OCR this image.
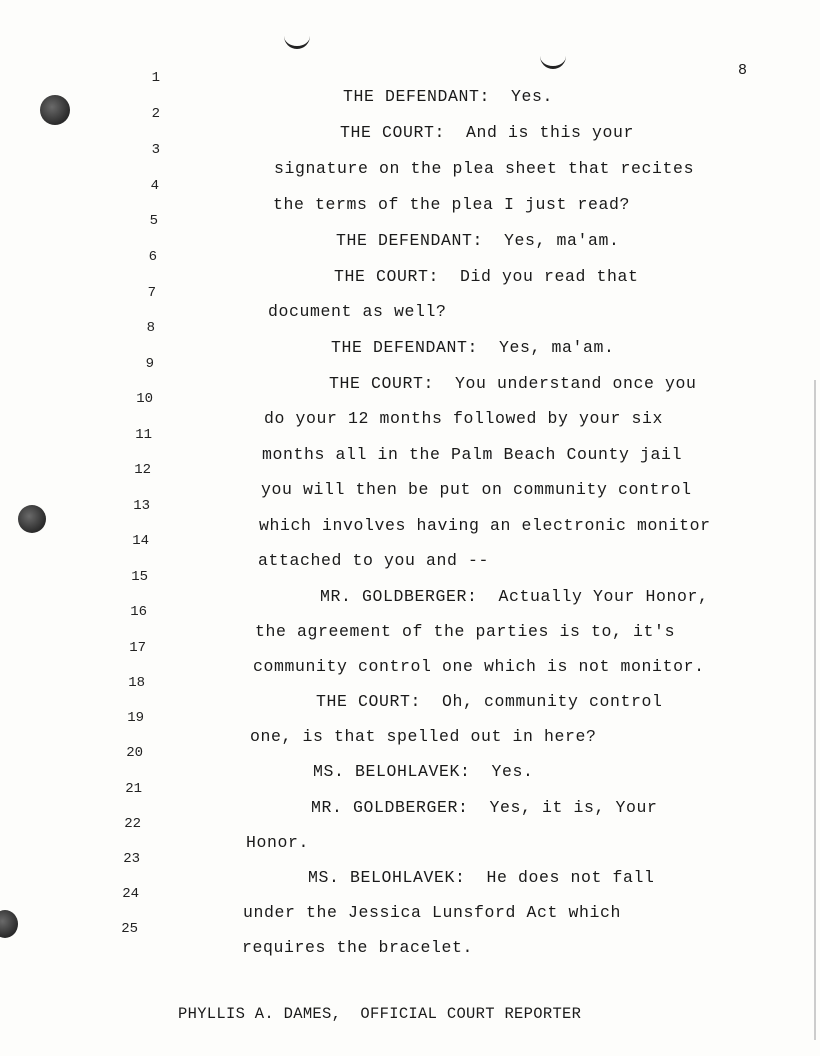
8
1
2
3
4
5
6
7
8
9
10
11
12
13
14
15
16
17
18
19
20
21
22
23
24
25
THE DEFENDANT:  Yes.
THE COURT:  And is this your
signature on the plea sheet that recites
the terms of the plea I just read?
THE DEFENDANT:  Yes, ma'am.
THE COURT:  Did you read that
document as well?
THE DEFENDANT:  Yes, ma'am.
THE COURT:  You understand once you
do your 12 months followed by your six
months all in the Palm Beach County jail
you will then be put on community control
which involves having an electronic monitor
attached to you and --
MR. GOLDBERGER:  Actually Your Honor,
the agreement of the parties is to, it's
community control one which is not monitor.
THE COURT:  Oh, community control
one, is that spelled out in here?
MS. BELOHLAVEK:  Yes.
MR. GOLDBERGER:  Yes, it is, Your
Honor.
MS. BELOHLAVEK:  He does not fall
under the Jessica Lunsford Act which
requires the bracelet.
PHYLLIS A. DAMES,  OFFICIAL COURT REPORTER
